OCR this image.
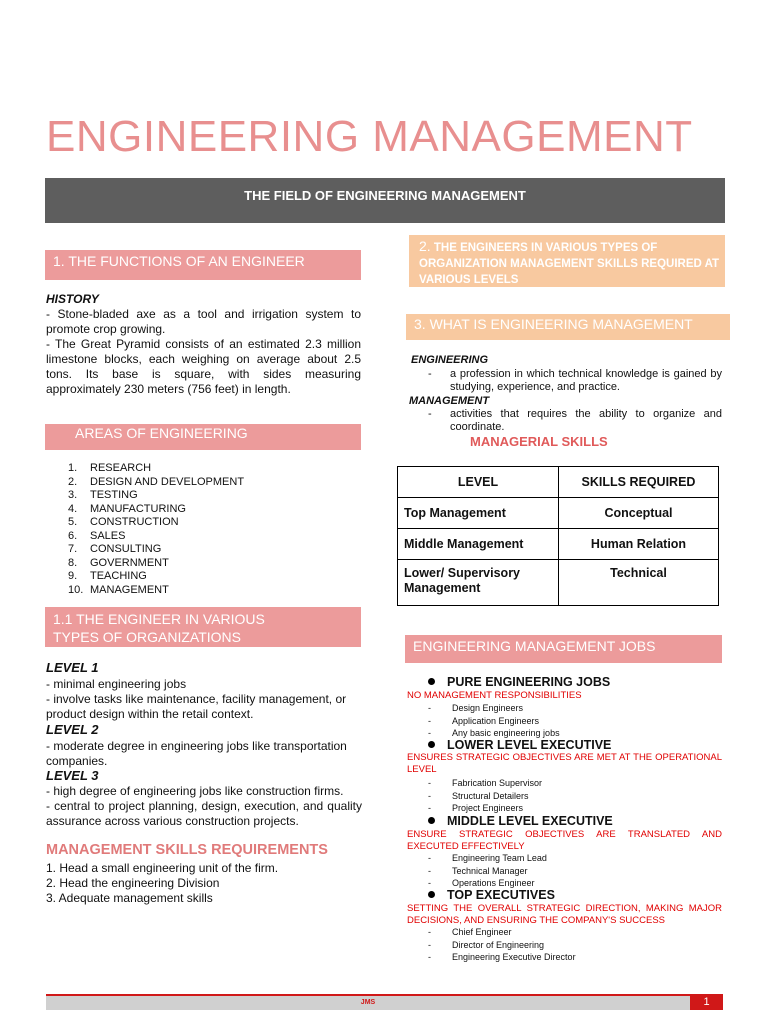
ENGINEERING MANAGEMENT
THE FIELD OF ENGINEERING MANAGEMENT
1. THE FUNCTIONS OF AN ENGINEER
HISTORY
- Stone-bladed axe as a tool and irrigation system to promote crop growing.
- The Great Pyramid consists of an estimated 2.3 million limestone blocks, each weighing on average about 2.5 tons. Its base is square, with sides measuring approximately 230 meters (756 feet) in length.
AREAS OF ENGINEERING
1.	RESEARCH
2.	DESIGN AND DEVELOPMENT
3.	TESTING
4.	MANUFACTURING
5.	CONSTRUCTION
6.	SALES
7.	CONSULTING
8.	GOVERNMENT
9.	TEACHING
10. MANAGEMENT
1.1 THE ENGINEER IN VARIOUS
TYPES OF ORGANIZATIONS
LEVEL 1
- minimal engineering jobs
- involve tasks like maintenance, facility management, or product design within the retail context.
LEVEL 2
- moderate degree in engineering jobs like transportation companies.
LEVEL 3
- high degree of engineering jobs like construction firms.
- central to project planning, design, execution, and quality assurance across various construction projects.
MANAGEMENT SKILLS REQUIREMENTS
1. Head a small engineering unit of the firm.
2. Head the engineering Division
3. Adequate management skills
2. THE ENGINEERS IN VARIOUS TYPES OF ORGANIZATION MANAGEMENT SKILLS REQUIRED AT VARIOUS LEVELS
3. WHAT IS ENGINEERING MANAGEMENT
ENGINEERING
-	a profession in which technical knowledge is gained by studying, experience, and practice.
MANAGEMENT
-	activities that requires the ability to organize and coordinate.
MANAGERIAL SKILLS
LEVEL	SKILLS REQUIRED
Top Management	Conceptual
Middle Management	Human Relation
Lower/ Supervisory Management	Technical
ENGINEERING MANAGEMENT JOBS
PURE ENGINEERING JOBS
NO MANAGEMENT RESPONSIBILITIES
-	Design Engineers
-	Application Engineers
-	Any basic engineering jobs
LOWER LEVEL EXECUTIVE
ENSURES STRATEGIC OBJECTIVES ARE MET AT THE OPERATIONAL LEVEL
-	Fabrication Supervisor
-	Structural Detailers
-	Project Engineers
MIDDLE LEVEL EXECUTIVE
ENSURE STRATEGIC OBJECTIVES ARE TRANSLATED AND EXECUTED EFFECTIVELY
-	Engineering Team Lead
-	Technical Manager
-	Operations Engineer
TOP EXECUTIVES
SETTING THE OVERALL STRATEGIC DIRECTION, MAKING MAJOR DECISIONS, AND ENSURING THE COMPANY'S SUCCESS
-	Chief Engineer
-	Director of Engineering
-	Engineering Executive Director
JMS	1
